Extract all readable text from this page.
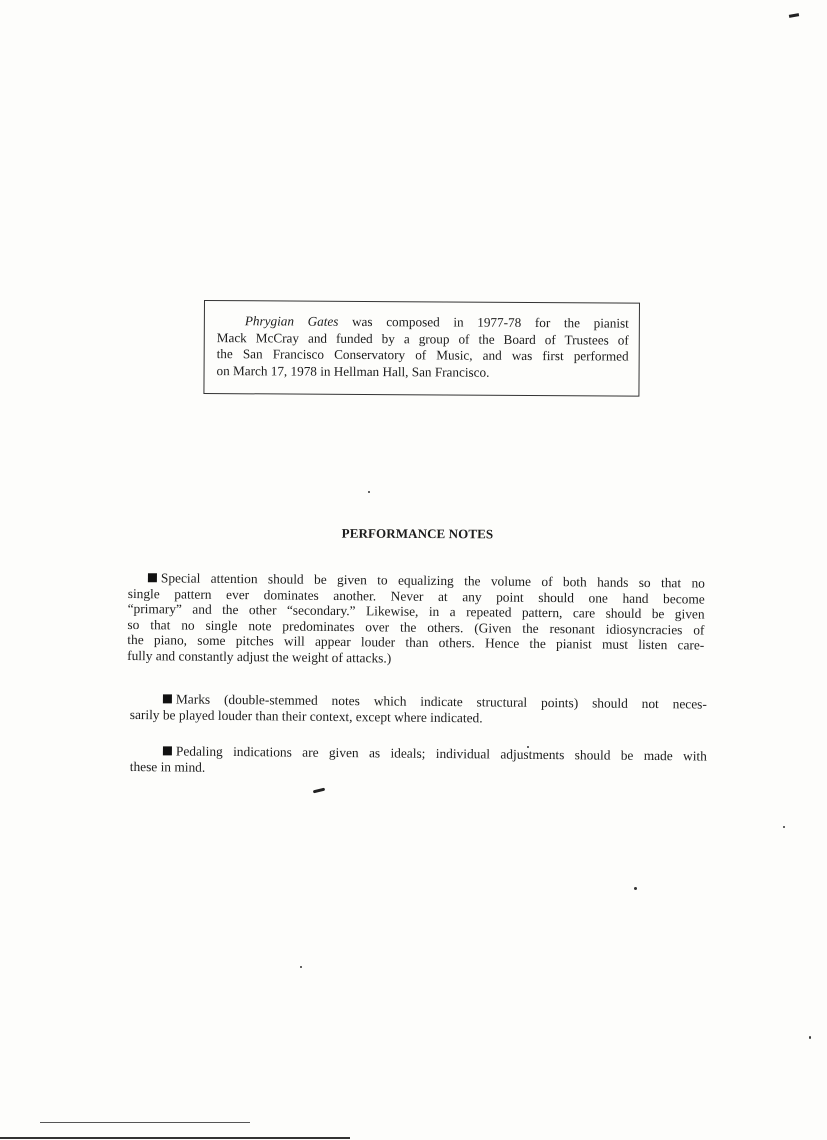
Phrygian Gates was composed in 1977-78 for the pianist
Mack McCray and funded by a group of the Board of Trustees of
the San Francisco Conservatory of Music, and was first performed
on March 17, 1978 in Hellman Hall, San Francisco.
PERFORMANCE NOTES
Special attention should be given to equalizing the volume of both hands so that no
single pattern ever dominates another. Never at any point should one hand become
“primary” and the other “secondary.” Likewise, in a repeated pattern, care should be given
so that no single note predominates over the others. (Given the resonant idiosyncracies of
the piano, some pitches will appear louder than others. Hence the pianist must listen care-
fully and constantly adjust the weight of attacks.)
Marks (double-stemmed notes which indicate structural points) should not neces-
sarily be played louder than their context, except where indicated.
Pedaling indications are given as ideals; individual adjustments should be made with
these in mind.
